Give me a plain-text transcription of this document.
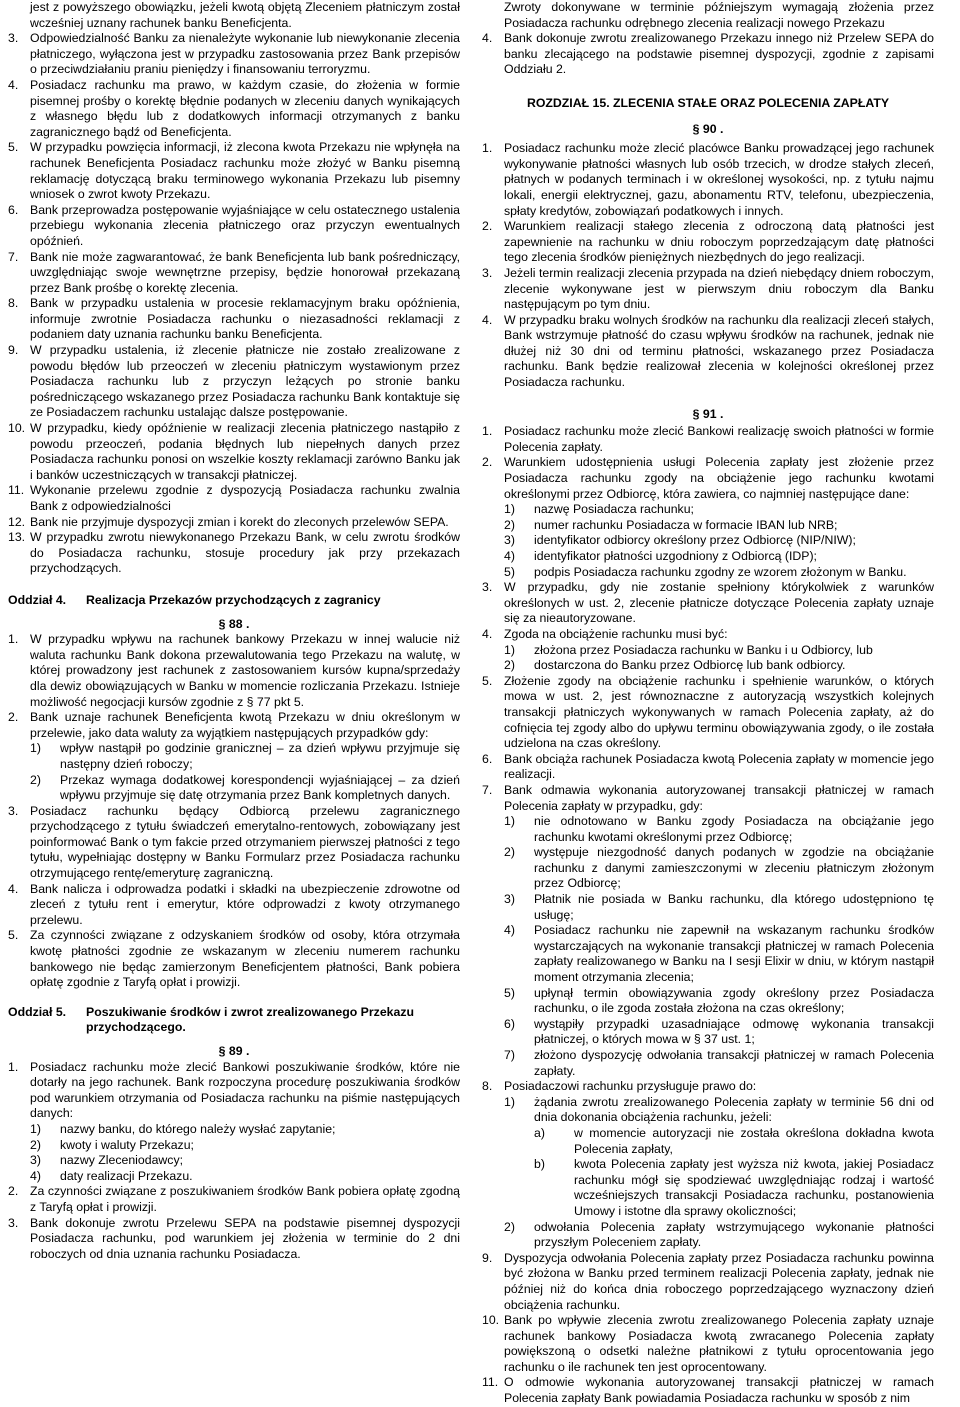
jest z powyższego obowiązku, jeżeli kwotą objętą Zleceniem płatniczym został wcześniej uznany rachunek banku Beneficjenta.
3. Odpowiedzialność Banku za nienależyte wykonanie lub niewykonanie zlecenia płatniczego, wyłączona jest w przypadku zastosowania przez Bank przepisów o przeciwdziałaniu praniu pieniędzy i finansowaniu terroryzmu.
4. Posiadacz rachunku ma prawo, w każdym czasie, do złożenia w formie pisemnej prośby o korektę błędnie podanych w zleceniu danych wynikających z własnego błędu lub z dodatkowych informacji otrzymanych z banku zagranicznego bądź od Beneficjenta.
5. W przypadku powzięcia informacji, iż zlecona kwota Przekazu nie wpłynęła na rachunek Beneficjenta Posiadacz rachunku może złożyć w Banku pisemną reklamację dotyczącą braku terminowego wykonania Przekazu lub pisemny wniosek o zwrot kwoty Przekazu.
6. Bank przeprowadza postępowanie wyjaśniające w celu ostatecznego ustalenia przebiegu wykonania zlecenia płatniczego oraz przyczyn ewentualnych opóźnień.
7. Bank nie może zagwarantować, że bank Beneficjenta lub bank pośredniczący, uwzględniając swoje wewnętrzne przepisy, będzie honorował przekazaną przez Bank prośbę o korektę zlecenia.
8. Bank w przypadku ustalenia w procesie reklamacyjnym braku opóźnienia, informuje zwrotnie Posiadacza rachunku o niezasadności reklamacji z podaniem daty uznania rachunku banku Beneficjenta.
9. W przypadku ustalenia, iż zlecenie płatnicze nie zostało zrealizowane z powodu błędów lub przeoczeń w zleceniu płatniczym wystawionym przez Posiadacza rachunku lub z przyczyn leżących po stronie banku pośredniczącego wskazanego przez Posiadacza rachunku Bank kontaktuje się ze Posiadaczem rachunku ustalając dalsze postępowanie.
10. W przypadku, kiedy opóźnienie w realizacji zlecenia płatniczego nastąpiło z powodu przeoczeń, podania błędnych lub niepełnych danych przez Posiadacza rachunku ponosi on wszelkie koszty reklamacji zarówno Banku jak i banków uczestniczących w transakcji płatniczej.
11. Wykonanie przelewu zgodnie z dyspozycją Posiadacza rachunku zwalnia Bank z odpowiedzialności
12. Bank nie przyjmuje dyspozycji zmian i korekt do zleconych przelewów SEPA.
13. W przypadku zwrotu niewykonanego Przekazu Bank, w celu zwrotu środków do Posiadacza rachunku, stosuje procedury jak przy przekazach przychodzących.
Oddział 4.	Realizacja Przekazów przychodzących z zagranicy
§ 88 .
1. W przypadku wpływu na rachunek bankowy Przekazu w innej walucie niż waluta rachunku Bank dokona przewalutowania tego Przekazu na walutę, w której prowadzony jest rachunek z zastosowaniem kursów kupna/sprzedaży dla dewiz obowiązujących w Banku w momencie rozliczania Przekazu. Istnieje możliwość negocjacji kursów zgodnie z § 77 pkt 5.
2. Bank uznaje rachunek Beneficjenta kwotą Przekazu w dniu określonym w przelewie, jako data waluty za wyjątkiem następujących przypadków gdy:
1)	wpływ nastąpił po godzinie granicznej – za dzień wpływu przyjmuje się następny dzień roboczy;
2)	Przekaz wymaga dodatkowej korespondencji wyjaśniającej – za dzień wpływu przyjmuje się datę otrzymania przez Bank kompletnych danych.
3. Posiadacz rachunku będący Odbiorcą przelewu zagranicznego przychodzącego z tytułu świadczeń emerytalno-rentowych, zobowiązany jest poinformować Bank o tym fakcie przed otrzymaniem pierwszej płatności z tego tytułu, wypełniając dostępny w Banku Formularz przez Posiadacza rachunku otrzymującego rentę/emeryturę zagraniczną.
4. Bank nalicza i odprowadza podatki i składki na ubezpieczenie zdrowotne od zleceń z tytułu rent i emerytur, które odprowadzi z kwoty otrzymanego przelewu.
5. Za czynności związane z odzyskaniem środków od osoby, która otrzymała kwotę płatności zgodnie ze wskazanym w zleceniu numerem rachunku bankowego nie będąc zamierzonym Beneficjentem płatności, Bank pobiera opłatę zgodnie z Taryfą opłat i prowizji.
Oddział 5.	Poszukiwanie środków i zwrot zrealizowanego Przekazu przychodzącego.
§ 89 .
1. Posiadacz rachunku może zlecić Bankowi poszukiwanie środków, które nie dotarły na jego rachunek. Bank rozpoczyna procedurę poszukiwania środków pod warunkiem otrzymania od Posiadacza rachunku na piśmie następujących danych:
1)	nazwy banku, do którego należy wysłać zapytanie;
2)	kwoty i waluty Przekazu;
3)	nazwy Zleceniodawcy;
4)	daty realizacji Przekazu.
2. Za czynności związane z poszukiwaniem środków Bank pobiera opłatę zgodną z Taryfą opłat i prowizji.
3. Bank dokonuje zwrotu Przelewu SEPA na podstawie pisemnej dyspozycji Posiadacza rachunku, pod warunkiem jej złożenia w terminie do 2 dni roboczych od dnia uznania rachunku Posiadacza.
Zwroty dokonywane w terminie późniejszym wymagają złożenia przez Posiadacza rachunku odrębnego zlecenia realizacji nowego Przekazu
4. Bank dokonuje zwrotu zrealizowanego Przekazu innego niż Przelew SEPA do banku zlecającego na podstawie pisemnej dyspozycji, zgodnie z zapisami Oddziału 2.
ROZDZIAŁ 15. ZLECENIA STAŁE ORAZ POLECENIA ZAPŁATY
§ 90 .
1. Posiadacz rachunku może zlecić placówce Banku prowadzącej jego rachunek wykonywanie płatności własnych lub osób trzecich, w drodze stałych zleceń, płatnych w podanych terminach i w określonej wysokości, np. z tytułu najmu lokali, energii elektrycznej, gazu, abonamentu RTV, telefonu, ubezpieczenia, spłaty kredytów, zobowiązań podatkowych i innych.
2. Warunkiem realizacji stałego zlecenia z odroczoną datą płatności jest zapewnienie na rachunku w dniu roboczym poprzedzającym datę płatności tego zlecenia środków pieniężnych niezbędnych do jego realizacji.
3. Jeżeli termin realizacji zlecenia przypada na dzień niebędący dniem roboczym, zlecenie wykonywane jest w pierwszym dniu roboczym dla Banku następującym po tym dniu.
4. W przypadku braku wolnych środków na rachunku dla realizacji zleceń stałych, Bank wstrzymuje płatność do czasu wpływu środków na rachunek, jednak nie dłużej niż 30 dni od terminu płatności, wskazanego przez Posiadacza rachunku. Bank będzie realizował zlecenia w kolejności określonej przez Posiadacza rachunku.
§ 91 .
1. Posiadacz rachunku może zlecić Bankowi realizację swoich płatności w formie Polecenia zapłaty.
2. Warunkiem udostępnienia usługi Polecenia zapłaty jest złożenie przez Posiadacza rachunku zgody na obciążenie jego rachunku kwotami określonymi przez Odbiorcę, która zawiera, co najmniej następujące dane:
1)	nazwę Posiadacza rachunku;
2)	numer rachunku Posiadacza w formacie IBAN lub NRB;
3)	identyfikator odbiorcy określony przez Odbiorcę (NIP/NIW);
4)	identyfikator płatności uzgodniony z Odbiorcą (IDP);
5)	podpis Posiadacza rachunku zgodny ze wzorem złożonym w Banku.
3. W przypadku, gdy nie zostanie spełniony którykolwiek z warunków określonych w ust. 2, zlecenie płatnicze dotyczące Polecenia zapłaty uznaje się za nieautoryzowane.
4. Zgoda na obciążenie rachunku musi być:
1)	złożona przez Posiadacza rachunku w Banku i u Odbiorcy, lub
2)	dostarczona do Banku przez Odbiorcę lub bank odbiorcy.
5. Złożenie zgody na obciążenie rachunku i spełnienie warunków, o których mowa w ust. 2, jest równoznaczne z autoryzacją wszystkich kolejnych transakcji płatniczych wykonywanych w ramach Polecenia zapłaty, aż do cofnięcia tej zgody albo do upływu terminu obowiązywania zgody, o ile została udzielona na czas określony.
6. Bank obciąża rachunek Posiadacza kwotą Polecenia zapłaty w momencie jego realizacji.
7. Bank odmawia wykonania autoryzowanej transakcji płatniczej w ramach Polecenia zapłaty w przypadku, gdy:
1)	nie odnotowano w Banku zgody Posiadacza na obciążanie jego rachunku kwotami określonymi przez Odbiorcę;
2)	występuje niezgodność danych podanych w zgodzie na obciążanie rachunku z danymi zamieszczonymi w zleceniu płatniczym złożonym przez Odbiorcę;
3)	Płatnik nie posiada w Banku rachunku, dla którego udostępniono tę usługę;
4)	Posiadacz rachunku nie zapewnił na wskazanym rachunku środków wystarczających na wykonanie transakcji płatniczej w ramach Polecenia zapłaty realizowanego w Banku na I sesji Elixir w dniu, w którym nastąpił moment otrzymania zlecenia;
5)	upłynął termin obowiązywania zgody określony przez Posiadacza rachunku, o ile zgoda została złożona na czas określony;
6)	wystąpiły przypadki uzasadniające odmowę wykonania transakcji płatniczej, o których mowa w § 37 ust. 1;
7)	złożono dyspozycję odwołania transakcji płatniczej w ramach Polecenia zapłaty.
8. Posiadaczowi rachunku przysługuje prawo do:
1)	żądania zwrotu zrealizowanego Polecenia zapłaty w terminie 56 dni od dnia dokonania obciążenia rachunku, jeżeli:
a)	w momencie autoryzacji nie została określona dokładna kwota Polecenia zapłaty,
b)	kwota Polecenia zapłaty jest wyższa niż kwota, jakiej Posiadacz rachunku mógł się spodziewać uwzględniając rodzaj i wartość wcześniejszych transakcji Posiadacza rachunku, postanowienia Umowy i istotne dla sprawy okoliczności;
2)	odwołania Polecenia zapłaty wstrzymującego wykonanie płatności przyszłym Poleceniem zapłaty.
9. Dyspozycja odwołania Polecenia zapłaty przez Posiadacza rachunku powinna być złożona w Banku przed terminem realizacji Polecenia zapłaty, jednak nie później niż do końca dnia roboczego poprzedzającego wyznaczony dzień obciążenia rachunku.
10. Bank po wpływie zlecenia zwrotu zrealizowanego Polecenia zapłaty uznaje rachunek bankowy Posiadacza kwotą zwracanego Polecenia zapłaty powiększoną o odsetki należne płatnikowi z tytułu oprocentowania jego rachunku o ile rachunek ten jest oprocentowany.
11. O odmowie wykonania autoryzowanej transakcji płatniczej w ramach Polecenia zapłaty Bank powiadamia Posiadacza rachunku w sposób z nim
